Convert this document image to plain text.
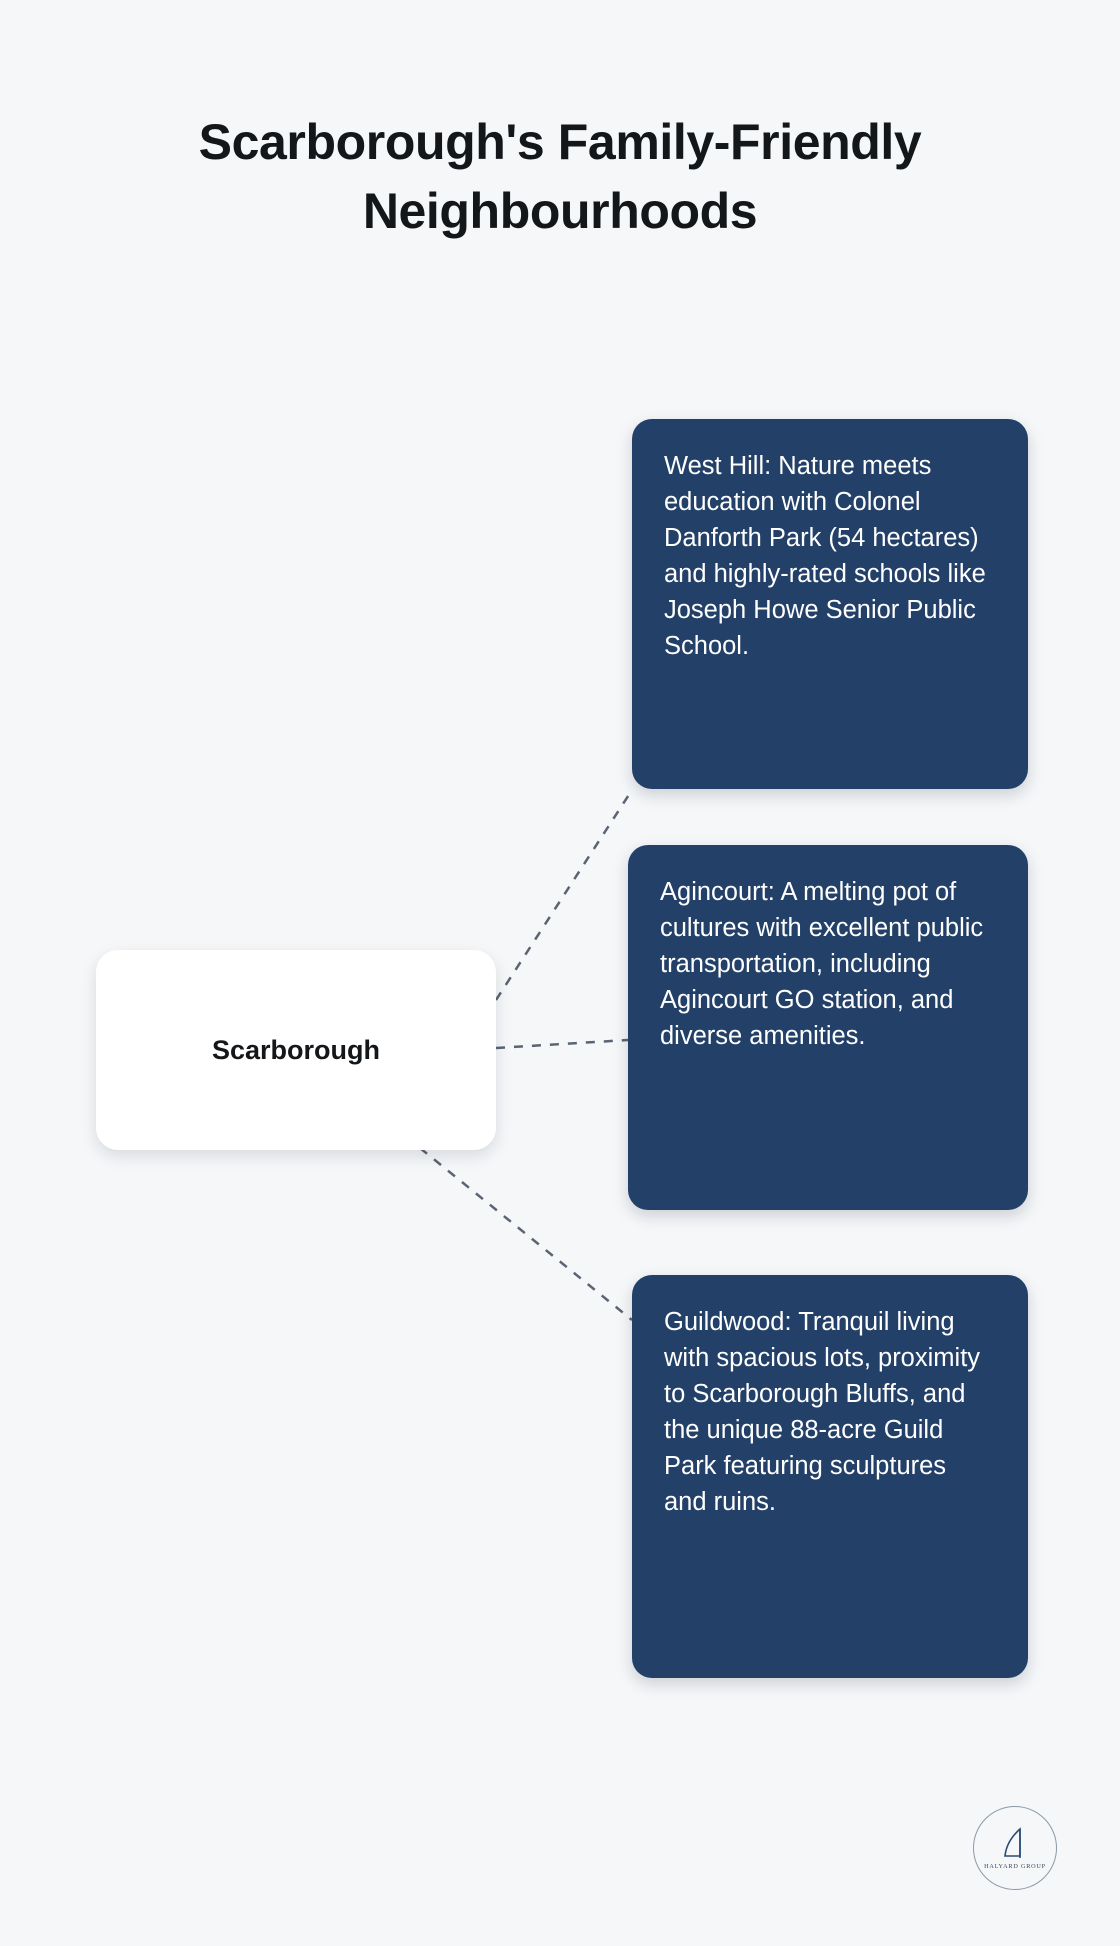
Scarborough's Family-Friendly Neighbourhoods
Scarborough
West Hill: Nature meets education with Colonel Danforth Park (54 hectares) and highly-rated schools like Joseph Howe Senior Public School.
Agincourt: A melting pot of cultures with excellent public transportation, including Agincourt GO station, and diverse amenities.
Guildwood: Tranquil living with spacious lots, proximity to Scarborough Bluffs, and the unique 88-acre Guild Park featuring sculptures and ruins.
HALYARD GROUP
